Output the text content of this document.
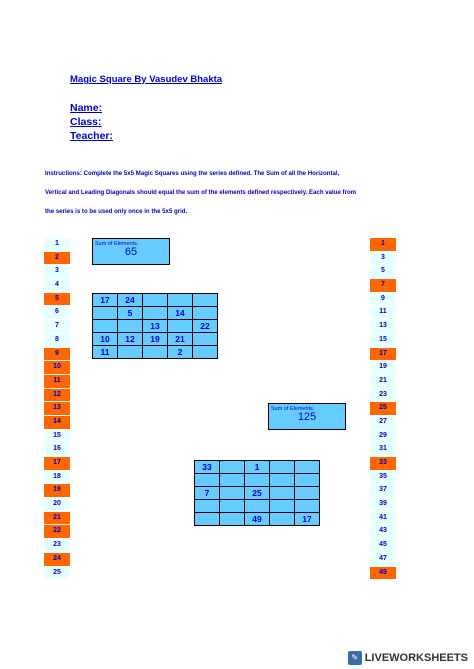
Magic Square By Vasudev Bhakta
Name:
Class:
Teacher:

Instructions: Complete the 5x5 Magic Squares using the series defined. The Sum of all the Horizontal,

Vertical and Leading Diagonals should equal the sum of the elements defined respectively. Each value from

the series is to be used only once in the 5x5 grid.

1
2
3
4
5
6
7
8
9
10
11
12
13
14
15
16
17
18
19
20
21
22
23
24
25
1
3
5
7
9
11
13
15
17
19
21
23
25
27
29
31
33
35
37
39
41
43
45
47
49
Sum of Elements.
65
Sum of Elements.
125
17	24			
	5		14	
		13		22
10	12	19	21	
11			2	
33		1		

7		25		

		49		17
✎ LIVEWORKSHEETS
